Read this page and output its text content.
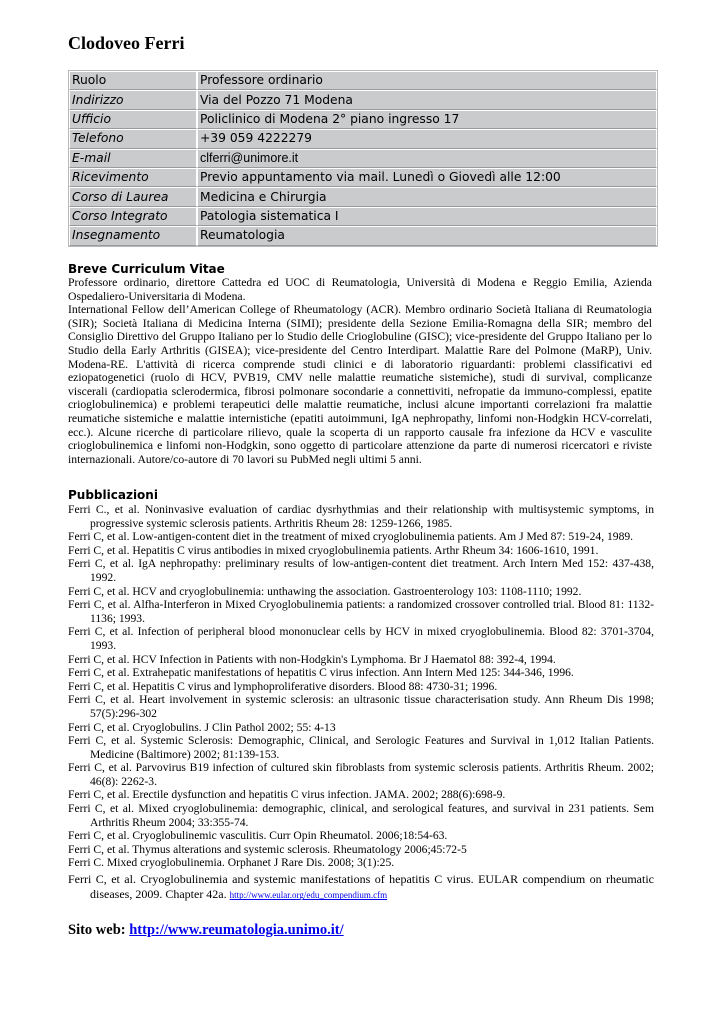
Clodoveo Ferri
Ruolo	Professore ordinario
Indirizzo	Via del Pozzo 71 Modena
Ufficio	Policlinico di Modena 2° piano ingresso 17
Telefono	+39 059 4222279
E-mail	clferri@unimore.it
Ricevimento	Previo appuntamento via mail. Lunedì o Giovedì alle 12:00
Corso di Laurea	Medicina e Chirurgia
Corso Integrato	Patologia sistematica I
Insegnamento	Reumatologia
Breve Curriculum Vitae

Professore ordinario, direttore Cattedra ed UOC di Reumatologia, Università di Modena e Reggio Emilia, Azienda Ospedaliero-Universitaria di Modena.

International Fellow dell’American College of Rheumatology (ACR). Membro ordinario Società Italiana di Reumatologia (SIR); Società Italiana di Medicina Interna (SIMI); presidente della Sezione Emilia-Romagna della SIR; membro del Consiglio Direttivo del Gruppo Italiano per lo Studio delle Crioglobuline (GISC); vice-presidente del Gruppo Italiano per lo Studio della Early Arthritis (GISEA); vice-presidente del Centro Interdipart. Malattie Rare del Polmone (MaRP), Univ. Modena-RE. L'attività di ricerca comprende studi clinici e di laboratorio riguardanti: problemi classificativi ed eziopatogenetici (ruolo di HCV, PVB19, CMV nelle malattie reumatiche sistemiche), studi di survival, complicanze viscerali (cardiopatia sclerodermica, fibrosi polmonare socondarie a connettiviti, nefropatie da immuno-complessi, epatite crioglobulinemica) e problemi terapeutici delle malattie reumatiche, inclusi alcune importanti correlazioni fra malattie reumatiche sistemiche e malattie internistiche (epatiti autoimmuni, IgA nephropathy, linfomi non-Hodgkin HCV-correlati, ecc.). Alcune ricerche di particolare rilievo, quale la scoperta di un rapporto causale fra infezione da HCV e vasculite crioglobulinemica e linfomi non-Hodgkin, sono oggetto di particolare attenzione da parte di numerosi ricercatori e riviste internazionali. Autore/co-autore di 70 lavori su PubMed negli ultimi 5 anni.

Pubblicazioni
Ferri C., et al. Noninvasive evaluation of cardiac dysrhythmias and their relationship with multisystemic symptoms, in progressive systemic sclerosis patients. Arthritis Rheum 28: 1259-1266, 1985.
Ferri C, et al. Low-antigen-content diet in the treatment of mixed cryoglobulinemia patients. Am J Med 87: 519-24, 1989.
Ferri C, et al. Hepatitis C virus antibodies in mixed cryoglobulinemia patients. Arthr Rheum 34: 1606-1610, 1991.
Ferri C, et al. IgA nephropathy: preliminary results of low-antigen-content diet treatment. Arch Intern Med 152: 437-438, 1992.
Ferri C, et al. HCV and cryoglobulinemia: unthawing the association. Gastroenterology 103: 1108-1110; 1992.
Ferri C, et al. Alfha-Interferon in Mixed Cryoglobulinemia patients: a randomized crossover controlled trial. Blood 81: 1132-1136; 1993.
Ferri C, et al. Infection of peripheral blood mononuclear cells by HCV in mixed cryoglobulinemia. Blood 82: 3701-3704, 1993.
Ferri C, et al. HCV Infection in Patients with non-Hodgkin's Lymphoma. Br J Haematol 88: 392-4, 1994.
Ferri C, et al. Extrahepatic manifestations of hepatitis C virus infection. Ann Intern Med 125: 344-346, 1996.
Ferri C, et al. Hepatitis C virus and lymphoproliferative disorders. Blood 88: 4730-31; 1996.
Ferri C, et al. Heart involvement in systemic sclerosis: an ultrasonic tissue characterisation study. Ann Rheum Dis 1998; 57(5):296-302
Ferri C, et al. Cryoglobulins. J Clin Pathol 2002; 55: 4-13
Ferri C, et al. Systemic Sclerosis: Demographic, Clinical, and Serologic Features and Survival in 1,012 Italian Patients. Medicine (Baltimore) 2002; 81:139-153.
Ferri C, et al. Parvovirus B19 infection of cultured skin fibroblasts from systemic sclerosis patients. Arthritis Rheum. 2002; 46(8): 2262-3.
Ferri C, et al. Erectile dysfunction and hepatitis C virus infection. JAMA. 2002; 288(6):698-9.
Ferri C, et al. Mixed cryoglobulinemia: demographic, clinical, and serological features, and survival in 231 patients. Sem Arthritis Rheum 2004; 33:355-74.
Ferri C, et al. Cryoglobulinemic vasculitis. Curr Opin Rheumatol. 2006;18:54-63.
Ferri C, et al. Thymus alterations and systemic sclerosis. Rheumatology 2006;45:72-5
Ferri C. Mixed cryoglobulinemia. Orphanet J Rare Dis. 2008; 3(1):25.
Ferri C, et al. Cryoglobulinemia and systemic manifestations of hepatitis C virus. EULAR compendium on rheumatic diseases, 2009. Chapter 42a. http://www.eular.org/edu_compendium.cfm
Sito web: http://www.reumatologia.unimo.it/
